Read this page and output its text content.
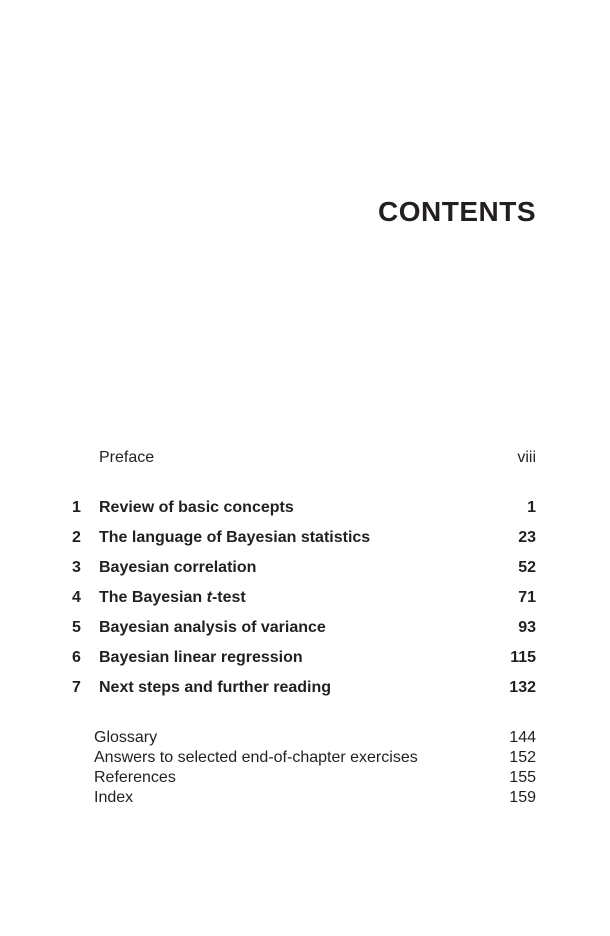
CONTENTS
Preface	viii
1 Review of basic concepts	1
2 The language of Bayesian statistics	23
3 Bayesian correlation	52
4 The Bayesian t-test	71
5 Bayesian analysis of variance	93
6 Bayesian linear regression	115
7 Next steps and further reading	132
Glossary	144
Answers to selected end-of-chapter exercises	152
References	155
Index	159
